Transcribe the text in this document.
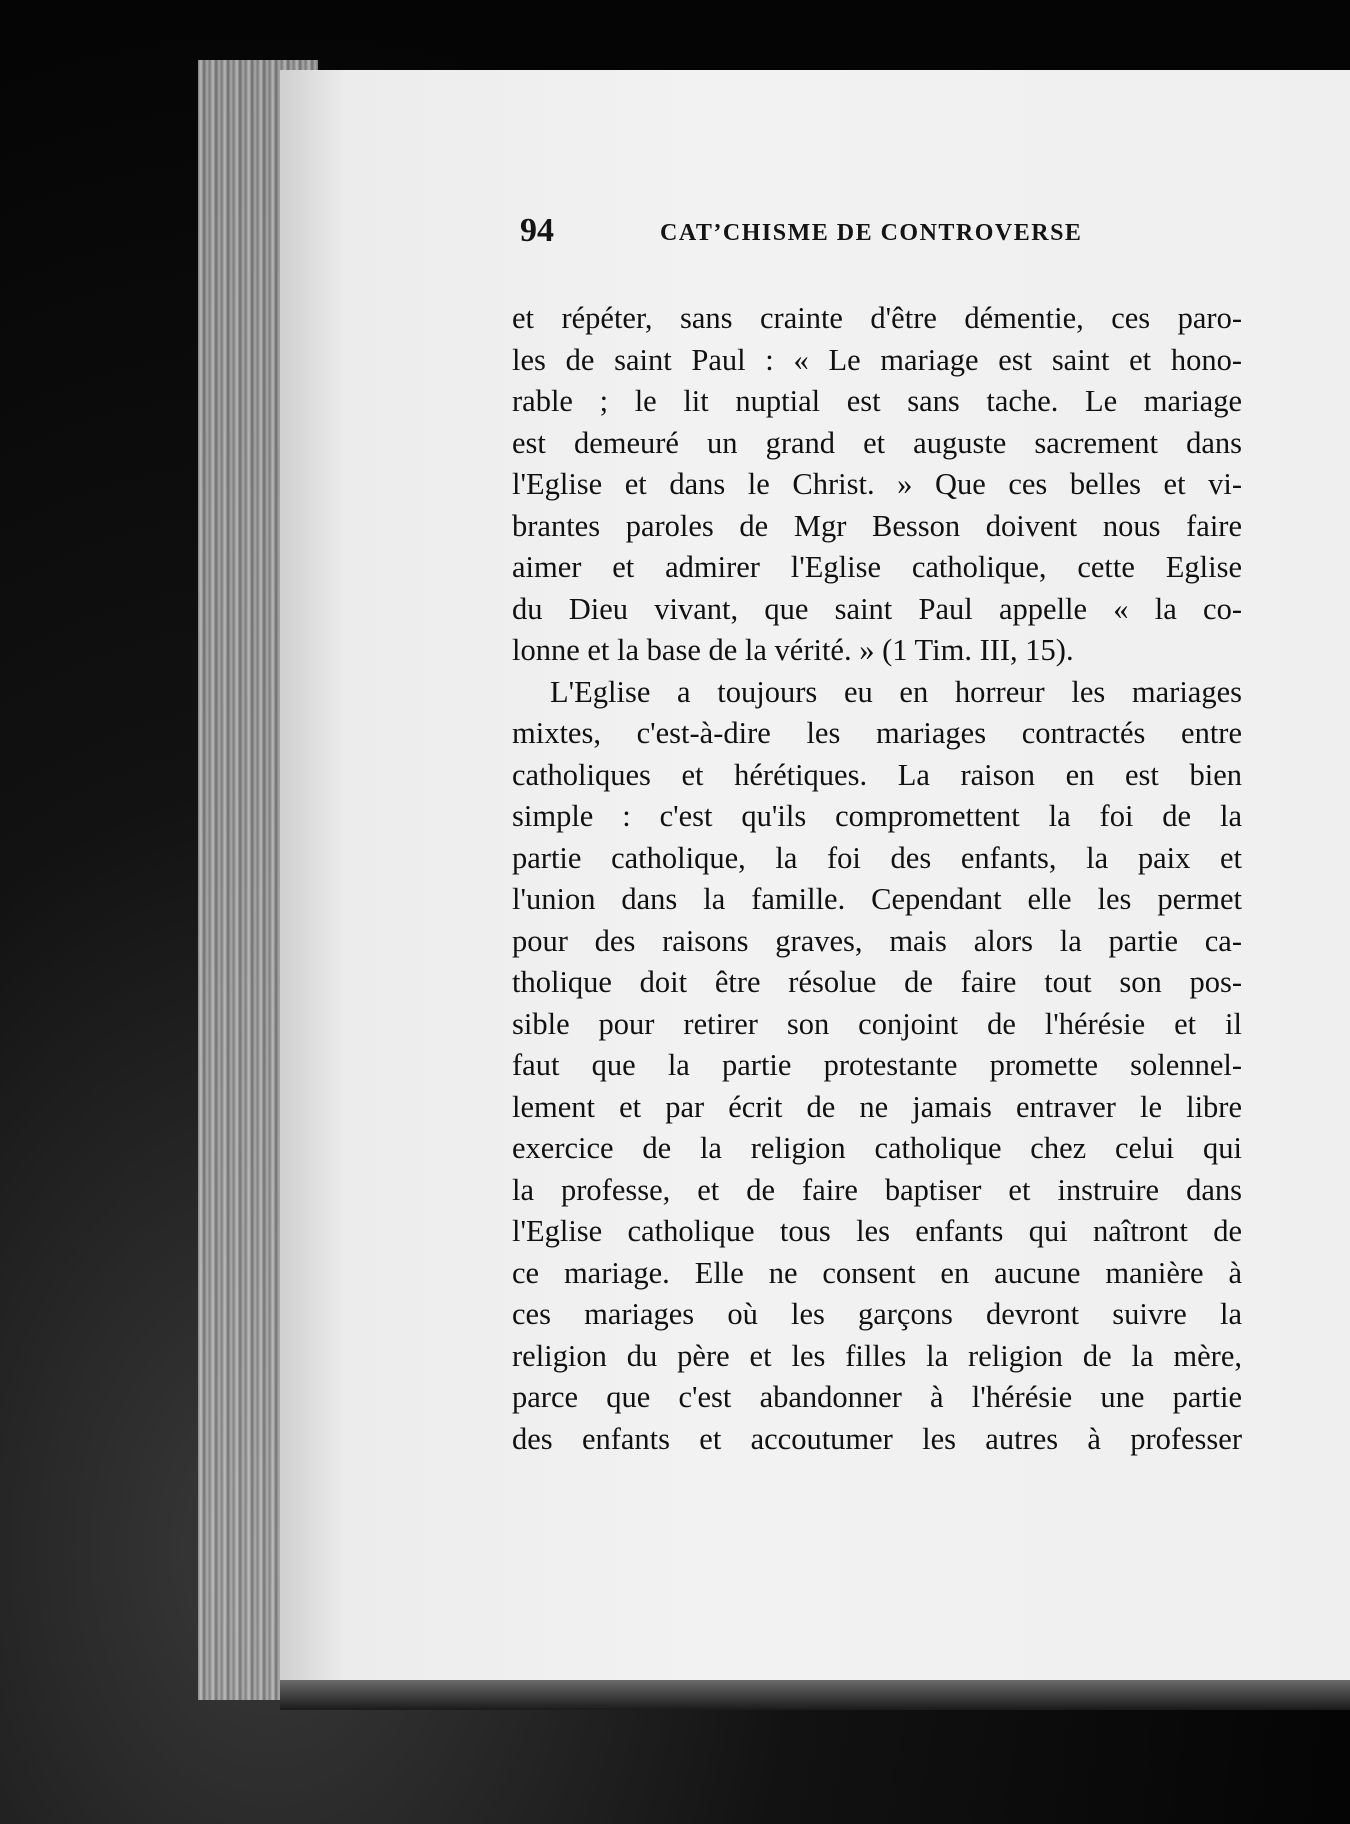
94	CATʼCHISME DE CONTROVERSE
et répéter, sans crainte d'être démentie, ces paro-
les de saint Paul : « Le mariage est saint et hono-
rable ; le lit nuptial est sans tache. Le mariage
est demeuré un grand et auguste sacrement dans
l'Eglise et dans le Christ. » Que ces belles et vi-
brantes paroles de Mgr Besson doivent nous faire
aimer et admirer l'Eglise catholique, cette Eglise
du Dieu vivant, que saint Paul appelle « la co-
lonne et la base de la vérité. » (1 Tim. III, 15).
L'Eglise a toujours eu en horreur les mariages
mixtes, c'est-à-dire les mariages contractés entre
catholiques et hérétiques. La raison en est bien
simple : c'est qu'ils compromettent la foi de la
partie catholique, la foi des enfants, la paix et
l'union dans la famille. Cependant elle les permet
pour des raisons graves, mais alors la partie ca-
tholique doit être résolue de faire tout son pos-
sible pour retirer son conjoint de l'hérésie et il
faut que la partie protestante promette solennel-
lement et par écrit de ne jamais entraver le libre
exercice de la religion catholique chez celui qui
la professe, et de faire baptiser et instruire dans
l'Eglise catholique tous les enfants qui naîtront de
ce mariage. Elle ne consent en aucune manière à
ces mariages où les garçons devront suivre la
religion du père et les filles la religion de la mère,
parce que c'est abandonner à l'hérésie une partie
des enfants et accoutumer les autres à professer
